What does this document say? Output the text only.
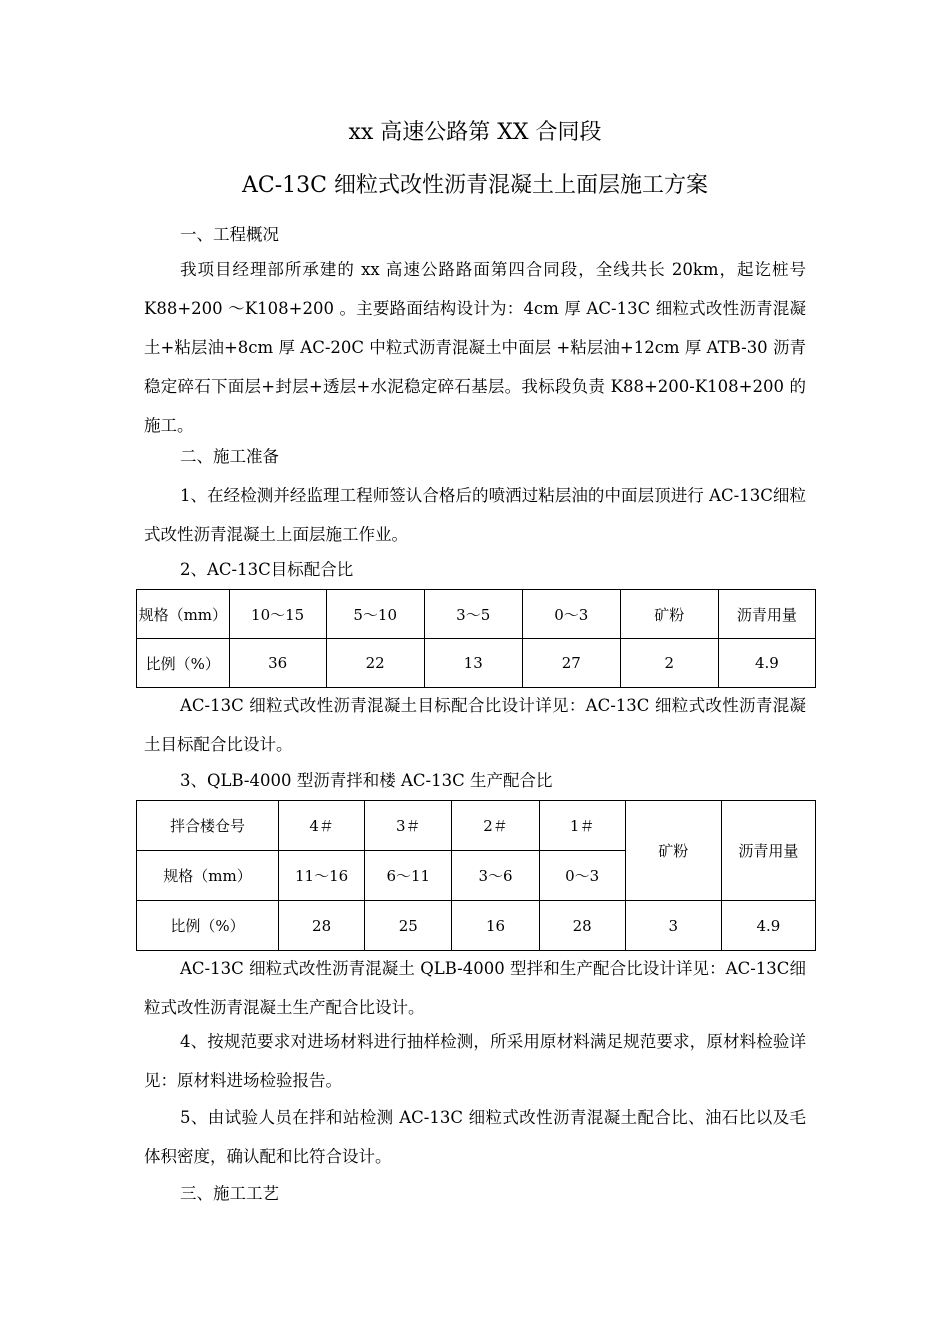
xx 高速公路第 XX 合同段
AC-13C 细粒式改性沥青混凝土上面层施工方案
一、工程概况
我项目经理部所承建的 xx 高速公路路面第四合同段，全线共长 20km，起讫桩号 K88+200 ～K108+200 。主要路面结构设计为：4cm 厚 AC-13C 细粒式改性沥青混凝土+粘层油+8cm 厚 AC-20C 中粒式沥青混凝土中面层 +粘层油+12cm 厚 ATB-30 沥青稳定碎石下面层+封层+透层+水泥稳定碎石基层。我标段负责 K88+200-K108+200 的施工。
二、施工准备
1、在经检测并经监理工程师签认合格后的喷洒过粘层油的中面层顶进行 AC-13C细粒式改性沥青混凝土上面层施工作业。
2、AC-13C目标配合比
规格（mm）	10～15	5～10	3～5	0～3	矿粉	沥青用量
比例（%）	36	22	13	27	2	4.9
AC-13C 细粒式改性沥青混凝土目标配合比设计详见：AC-13C 细粒式改性沥青混凝土目标配合比设计。
3、QLB-4000 型沥青拌和楼 AC-13C 生产配合比
拌合楼仓号	4＃	3＃	2＃	1＃	矿粉	沥青用量
规格（mm）	11～16	6～11	3～6	0～3		
比例（%）	28	25	16	28	3	4.9
AC-13C 细粒式改性沥青混凝土 QLB-4000 型拌和生产配合比设计详见：AC-13C细粒式改性沥青混凝土生产配合比设计。
4、按规范要求对进场材料进行抽样检测，所采用原材料满足规范要求，原材料检验详见：原材料进场检验报告。
5、由试验人员在拌和站检测 AC-13C 细粒式改性沥青混凝土配合比、油石比以及毛体积密度，确认配和比符合设计。
三、施工工艺
